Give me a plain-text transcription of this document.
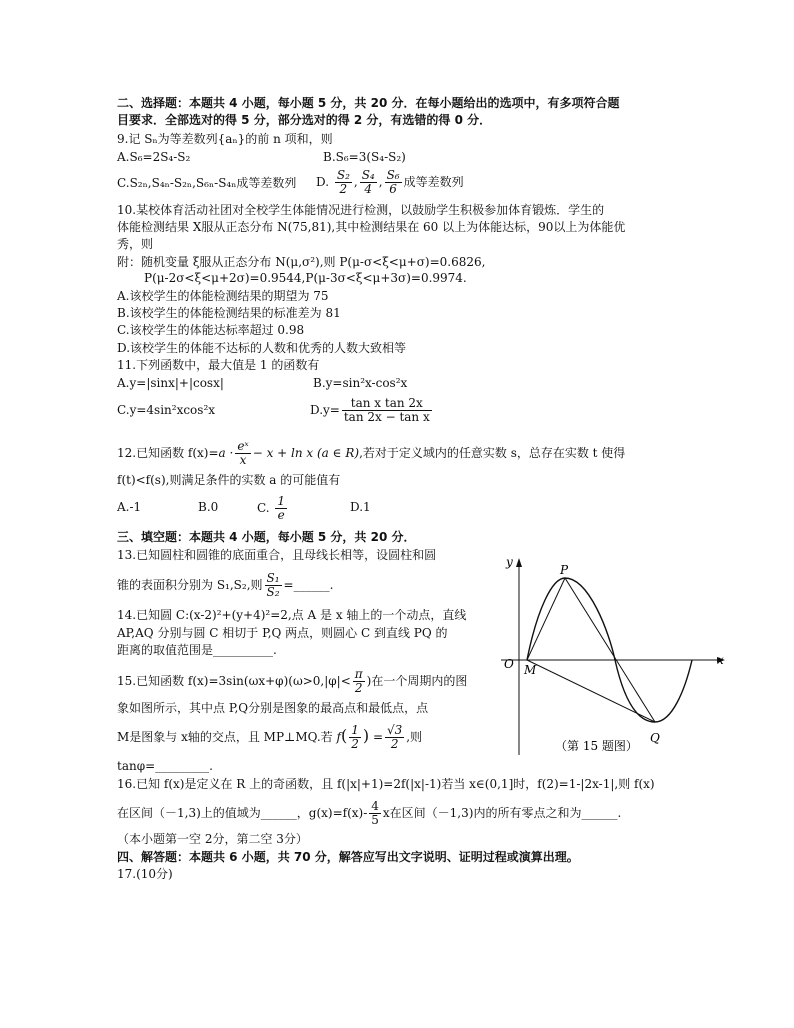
二、选择题：本题共 4 小题，每小题 5 分，共 20 分．在每小题给出的选项中，有多项符合题
目要求．全部选对的得 5 分，部分选对的得 2 分，有选错的得 0 分．
9.记 Sₙ为等差数列{aₙ}的前 n 项和，则
A.S₆=2S₄-S₂	B.S₆=3(S₄-S₂)
C.S₂ₙ,S₄ₙ-S₂ₙ,S₆ₙ-S₄ₙ成等差数列 D. $\frac{\text{S₂}}{2}$ , $\frac{\text{S₄}}{4}$ , $\frac{\text{S₆}}{6}$ 成等差数列
10.某校体育活动社团对全校学生体能情况进行检测，以鼓励学生积极参加体育锻炼．学生的
体能检测结果 X服从正态分布 N(75,81),其中检测结果在 60 以上为体能达标，90以上为体能优
秀，则
附：随机变量 ξ服从正态分布 N(μ,σ²),则 P(μ-σ<ξ<μ+σ)=0.6826,
P(μ-2σ<ξ<μ+2σ)=0.9544,P(μ-3σ<ξ<μ+3σ)=0.9974.
A.该校学生的体能检测结果的期望为 75
B.该校学生的体能检测结果的标准差为 81
C.该校学生的体能达标率超过 0.98
D.该校学生的体能不达标的人数和优秀的人数大致相等
11.下列函数中，最大值是 1 的函数有
A.y=|sinx|+|cosx|	B.y=sin²x-cos²x
C.y=4sin²xcos²x	$D.y= \frac{\text{tan x tan 2x}}{\text{tan 2x − tan x}}$
12.已知函数 $f(x)=a \cdot \frac{\text{eˣ}}{x} - x + \ln x$ (a ∈ R),若对于定义域内的任意实数 s，总存在实数 t 使得
f(t)<f(s),则满足条件的实数 a 的可能值有
A.-1	B.0	C. $\frac{1}{e}$	D.1
三、填空题：本题共 4 小题，每小题 5 分，共 20 分．
13.已知圆柱和圆锥的底面重合，且母线长相等，设圆柱和圆
锥的表面积分别为 S₁,S₂,则 $\frac{\text{S₁}}{\text{S₂}}$ =______.
14.已知圆 C:(x-2)²+(y+4)²=2,点 A 是 x 轴上的一个动点，直线
AP,AQ 分别与圆 C 相切于 P,Q 两点，则圆心 C 到直线 PQ 的
距离的取值范围是__________.
15.已知函数 $f(x)=3\sin(\omega x+\varphi)(\omega>0,|\varphi|< \frac{\pi}{2}$ )在一个周期内的图
象如图所示，其中点 P,Q分别是图象的最高点和最低点，点
M是图象与 x轴的交点，且 MP⊥MQ.若 $f( \frac{1}{2}$ ) = $\frac{√3}{2}$ ,则
tanφ=_________.
16.已知 f(x)是定义在 R 上的奇函数，且 f(|x|+1)=2f(|x|-1)若当 x∈(0,1]时，f(2)=1-|2x-1|,则 f(x)
在区间（－1,3)上的值域为______，$g(x)=f(x)- \frac{4}{5}$ x在区间（－1,3)内的所有零点之和为______.
（本小题第一空 2分，第二空 3分）
四、解答题：本题共 6 小题，共 70 分，解答应写出文字说明、证明过程或演算出理。
17.(10分)
y
x
O M
P
Q
（第 15 题图）
